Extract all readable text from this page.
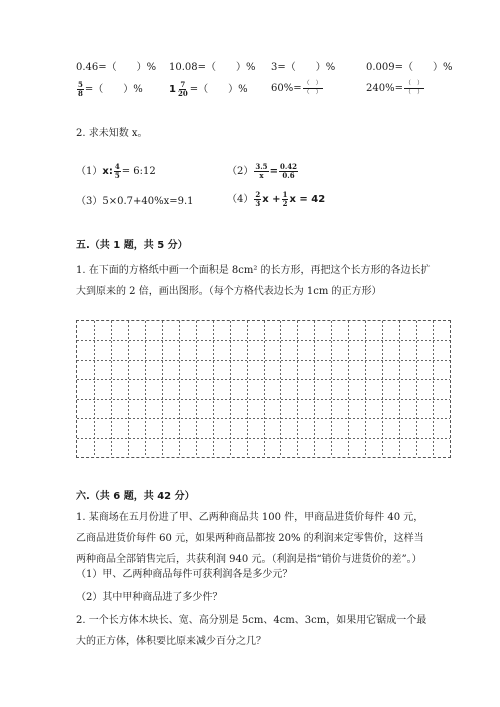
0.46=（　　）% 10.08=（　　）% 3=（　　）%	0.009=（　　）%
$\frac{5}{8}$ =（　　）%	$1 \frac{7}{20}$ =（　　）% $60\%= \frac{( )}{( )}$	$240\%= \frac{( )}{( )}$
2. 求未知数 x。
（1）x: $\frac{4}{5}$ = 6:12	$(2) \frac{3.5}{x} = \frac{0.42}{0.6}$
（3）5×0.7+40%x=9.1	$(4) \frac{2}{3}$ $x + \frac{1}{2}$ x = 42
五.（共 1 题，共 5 分）
1. 在下面的方格纸中画一个面积是 8cm² 的长方形，再把这个长方形的各边长扩
大到原来的 2 倍，画出图形。（每个方格代表边长为 1cm 的正方形）
六.（共 6 题，共 42 分）
1. 某商场在五月份进了甲、乙两种商品共 100 件，甲商品进货价每件 40 元，乙商品进货价每件 60 元，如果两种商品都按 20% 的利润来定零售价，这样当两种商品全部销售完后，共获利润 940 元。（利润是指“销价与进货价的差”。）
（1）甲、乙两种商品每件可获利润各是多少元？
（2）其中甲种商品进了多少件？
2. 一个长方体木块长、宽、高分别是 5cm、4cm、3cm，如果用它锯成一个最大的正方体，体积要比原来减少百分之几？
